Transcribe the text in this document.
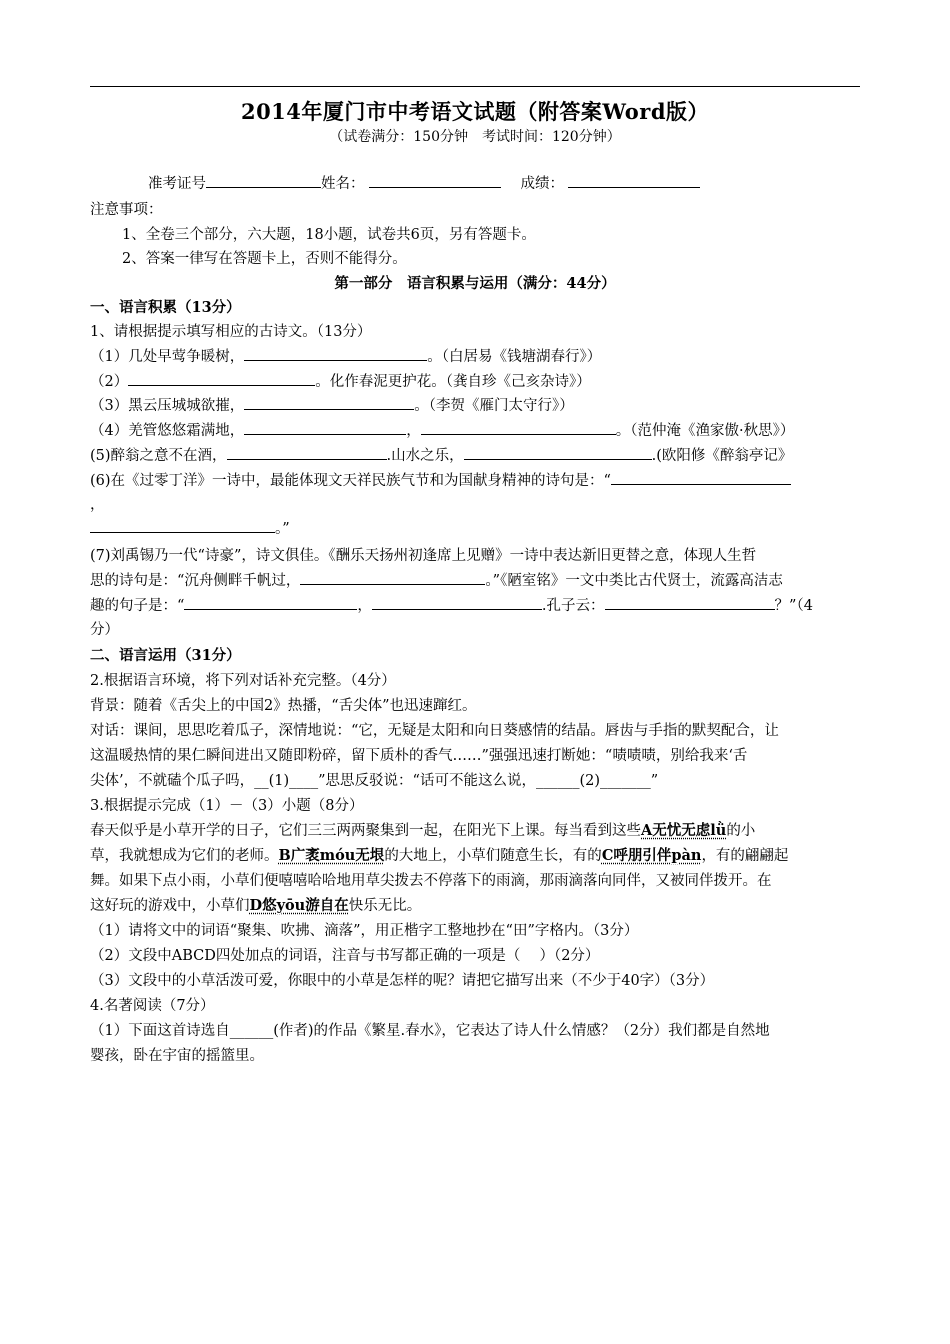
2014年厦门市中考语文试题（附答案Word版）
（试卷满分：150分钟　考试时间：120分钟）
准考证号	姓名：	成绩：
注意事项：
1、全卷三个部分，六大题，18小题，试卷共6页，另有答题卡。
2、答案一律写在答题卡上，否则不能得分。
第一部分　语言积累与运用（满分：44分）
一、语言积累（13分）
1、请根据提示填写相应的古诗文。（13分）
（1）几处早莺争暖树，	。（白居易《钱塘湖春行》）
（2）	。化作春泥更护花。（龚自珍《己亥杂诗》）
（3）黑云压城城欲摧，	。（李贺《雁门太守行》）
（4）羌管悠悠霜满地，	，	。（范仲淹《渔家傲·秋思》）
(5)醉翁之意不在酒，	.山水之乐，	.(欧阳修《醉翁亭记》
(6)在《过零丁洋》一诗中，最能体现文天祥民族气节和为国献身精神的诗句是：“
，
。”
(7)刘禹锡乃一代“诗豪”，诗文俱佳。《酬乐天扬州初逢席上见赠》一诗中表达新旧更替之意，体现人生哲
思的诗句是：“沉舟侧畔千帆过，	。”《陋室铭》一文中类比古代贤士，流露高洁志
趣的句子是：“	，	.孔子云：	？”（4
分）
二、语言运用（31分）
2.根据语言环境，将下列对话补充完整。（4分）
背景：随着《舌尖上的中国2》热播，“舌尖体”也迅速蹿红。
对话：课间，思思吃着瓜子，深情地说：“它，无疑是太阳和向日葵感情的结晶。唇齿与手指的默契配合，让
这温暖热情的果仁瞬间进出又随即粉碎，留下质朴的香气……”强强迅速打断她：“啧啧啧，别给我来‘舌
尖体’，不就磕个瓜子吗，__(1)____”思思反驳说：“话可不能这么说，______(2)_______”
3.根据提示完成（1）－（3）小题（8分）
春天似乎是小草开学的日子，它们三三两两聚集到一起，在阳光下上课。每当看到这些A无忧无虑lǜ的小
草，我就想成为它们的老师。B广袤móu无垠的大地上，小草们随意生长，有的C呼朋引伴pàn，有的翩翩起
舞。如果下点小雨，小草们便嘻嘻哈哈地用草尖拨去不停落下的雨滴，那雨滴落向同伴，又被同伴拨开。在
这好玩的游戏中，小草们D悠yōu游自在快乐无比。
（1）请将文中的词语“聚集、吹拂、滴落”，用正楷字工整地抄在“田”字格内。（3分）
（2）文段中ABCD四处加点的词语，注音与书写都正确的一项是（　 ）（2分）
（3）文段中的小草活泼可爱，你眼中的小草是怎样的呢？请把它描写出来（不少于40字）（3分）
4.名著阅读（7分）
（1）下面这首诗选自______(作者)的作品《繁星.春水》，它表达了诗人什么情感？（2分）我们都是自然地
婴孩，卧在宇宙的摇篮里。
